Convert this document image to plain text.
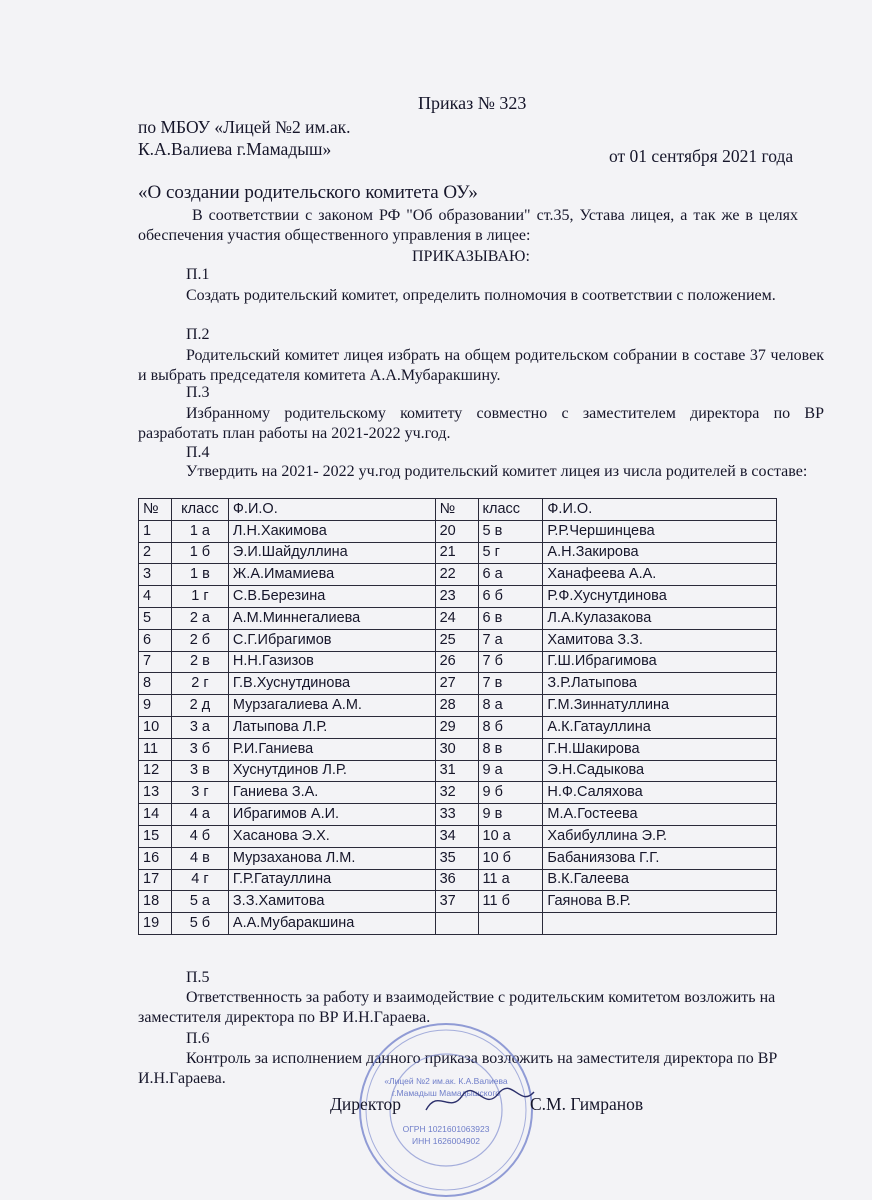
Приказ № 323
по МБОУ «Лицей №2 им.ак.
К.А.Валиева г.Мамадыш»	от 01 сентября 2021 года
«О создании родительского комитета ОУ»
В соответствии с законом РФ "Об образовании" ст.35, Устава лицея, а так же в целях обеспечения участия общественного управления в лицее:
ПРИКАЗЫВАЮ:
П.1
Создать родительский комитет, определить полномочия в соответствии с положением.
П.2
Родительский комитет лицея избрать на общем родительском собрании в составе 37 человек и выбрать председателя комитета А.А.Мубаракшину.
П.3
Избранному родительскому комитету совместно с заместителем директора по ВР разработать план работы на 2021-2022 уч.год.
П.4
Утвердить на 2021- 2022 уч.год родительский комитет лицея из числа родителей в составе:
№	класс	Ф.И.О.	№	класс	Ф.И.О.
1	1 а	Л.Н.Хакимова	20	5 в	Р.Р.Чершинцева
2	1 б	Э.И.Шайдуллина	21	5 г	А.Н.Закирова
3	1 в	Ж.А.Имамиева	22	6 а	Ханафеева А.А.
4	1 г	С.В.Березина	23	6 б	Р.Ф.Хуснутдинова
5	2 а	А.М.Миннегалиева	24	6 в	Л.А.Кулазакова
6	2 б	С.Г.Ибрагимов	25	7 а	Хамитова З.З.
7	2 в	Н.Н.Газизов	26	7 б	Г.Ш.Ибрагимова
8	2 г	Г.В.Хуснутдинова	27	7 в	З.Р.Латыпова
9	2 д	Мурзагалиева А.М.	28	8 а	Г.М.Зиннатуллина
10	3 а	Латыпова Л.Р.	29	8 б	А.К.Гатауллина
11	3 б	Р.И.Ганиева	30	8 в	Г.Н.Шакирова
12	3 в	Хуснутдинов Л.Р.	31	9 а	Э.Н.Садыкова
13	3 г	Ганиева З.А.	32	9 б	Н.Ф.Саляхова
14	4 а	Ибрагимов А.И.	33	9 в	М.А.Гостеева
15	4 б	Хасанова Э.Х.	34	10 а	Хабибуллина Э.Р.
16	4 в	Мурзаханова Л.М.	35	10 б	Бабаниязова Г.Г.
17	4 г	Г.Р.Гатауллина	36	11 а	В.К.Галеева
18	5 а	З.З.Хамитова	37	11 б	Гаянова В.Р.
19	5 б	А.А.Мубаракшина			
П.5
Ответственность за работу и взаимодействие с родительским комитетом возложить на заместителя директора по ВР И.Н.Гараева.
П.6
Контроль за исполнением данного приказа возложить на заместителя директора по ВР И.Н.Гараева.	«Лицей №2 им.ак. К.А.Валиева
г.Мамадыш Мамадышского
ОГРН 1021601063923
ИНН 1626004902
Директор	С.М. Гимранов
